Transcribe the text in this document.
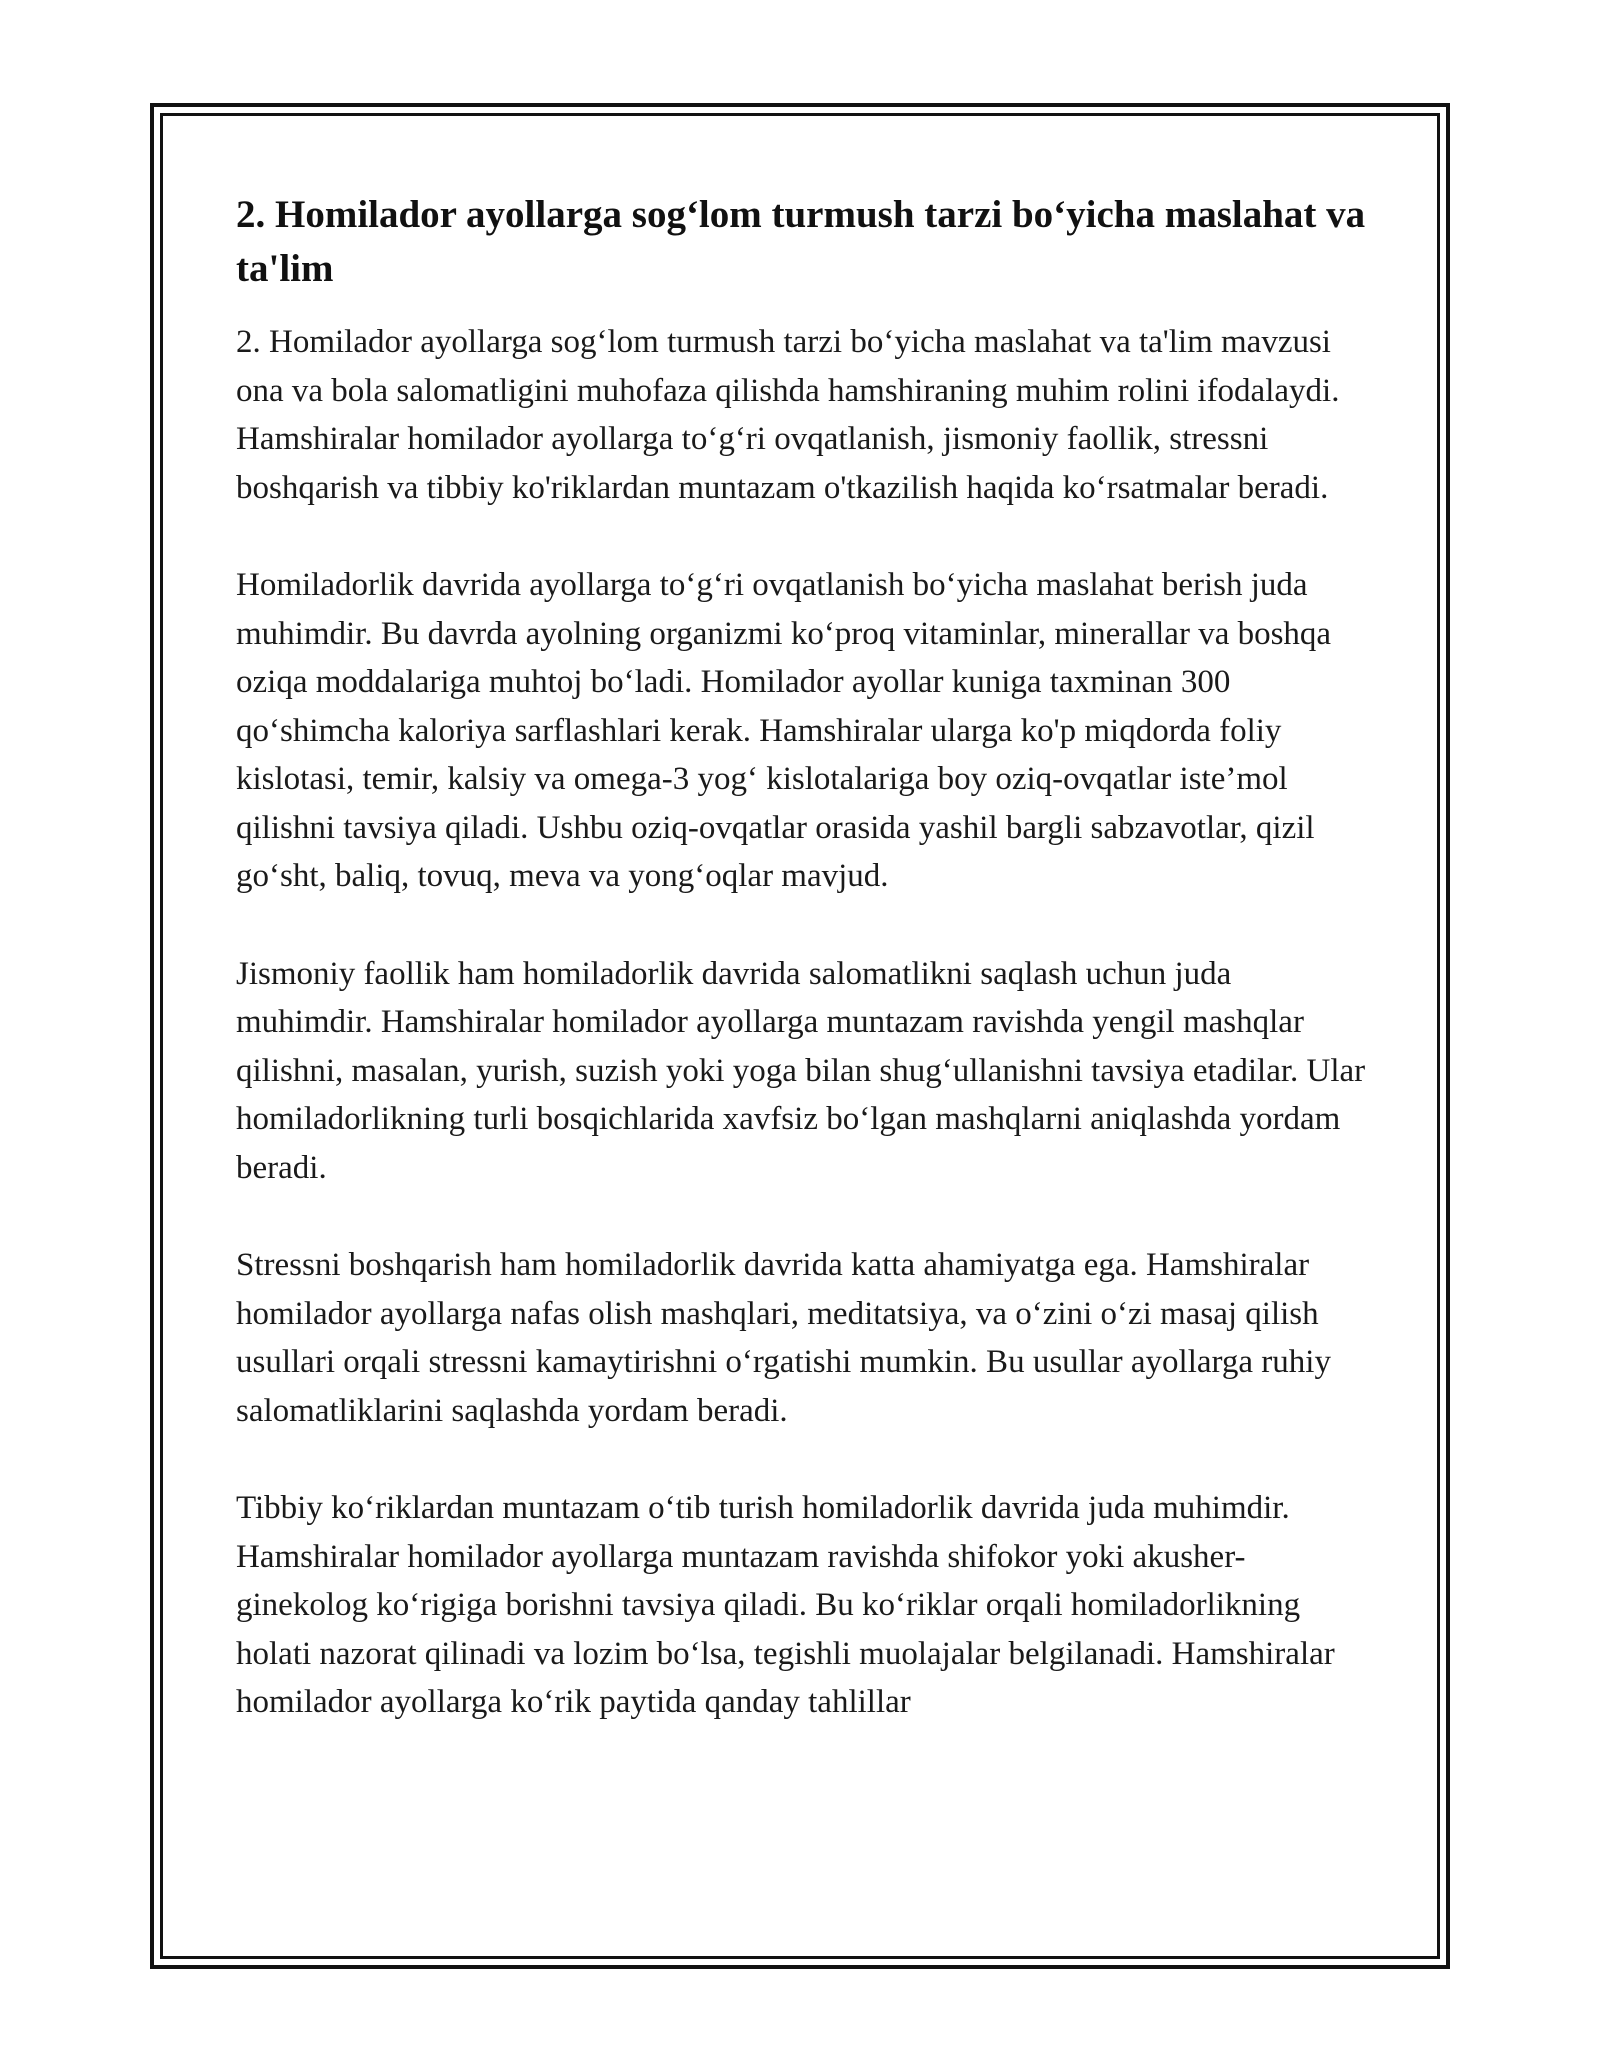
2. Homilador ayollarga sog‘lom turmush tarzi bo‘yicha maslahat va ta'lim

2. Homilador ayollarga sog‘lom turmush tarzi bo‘yicha maslahat va ta'lim mavzusi ona va bola salomatligini muhofaza qilishda hamshiraning muhim rolini ifodalaydi. Hamshiralar homilador ayollarga to‘g‘ri ovqatlanish, jismoniy faollik, stressni boshqarish va tibbiy ko'riklardan muntazam o'tkazilish haqida ko‘rsatmalar beradi.

Homiladorlik davrida ayollarga to‘g‘ri ovqatlanish bo‘yicha maslahat berish juda muhimdir. Bu davrda ayolning organizmi ko‘proq vitaminlar, minerallar va boshqa oziqa moddalariga muhtoj bo‘ladi. Homilador ayollar kuniga taxminan 300 qo‘shimcha kaloriya sarflashlari kerak. Hamshiralar ularga ko'p miqdorda foliy kislotasi, temir, kalsiy va omega-3 yog‘ kislotalariga boy oziq-ovqatlar iste’mol qilishni tavsiya qiladi. Ushbu oziq-ovqatlar orasida yashil bargli sabzavotlar, qizil go‘sht, baliq, tovuq, meva va yong‘oqlar mavjud.

Jismoniy faollik ham homiladorlik davrida salomatlikni saqlash uchun juda muhimdir. Hamshiralar homilador ayollarga muntazam ravishda yengil mashqlar qilishni, masalan, yurish, suzish yoki yoga bilan shug‘ullanishni tavsiya etadilar. Ular homiladorlikning turli bosqichlarida xavfsiz bo‘lgan mashqlarni aniqlashda yordam beradi.

Stressni boshqarish ham homiladorlik davrida katta ahamiyatga ega. Hamshiralar homilador ayollarga nafas olish mashqlari, meditatsiya, va o‘zini o‘zi masaj qilish usullari orqali stressni kamaytirishni o‘rgatishi mumkin. Bu usullar ayollarga ruhiy salomatliklarini saqlashda yordam beradi.

Tibbiy ko‘riklardan muntazam o‘tib turish homiladorlik davrida juda muhimdir. Hamshiralar homilador ayollarga muntazam ravishda shifokor yoki akusher-ginekolog ko‘rigiga borishni tavsiya qiladi. Bu ko‘riklar orqali homiladorlikning holati nazorat qilinadi va lozim bo‘lsa, tegishli muolajalar belgilanadi. Hamshiralar homilador ayollarga ko‘rik paytida qanday tahlillar
